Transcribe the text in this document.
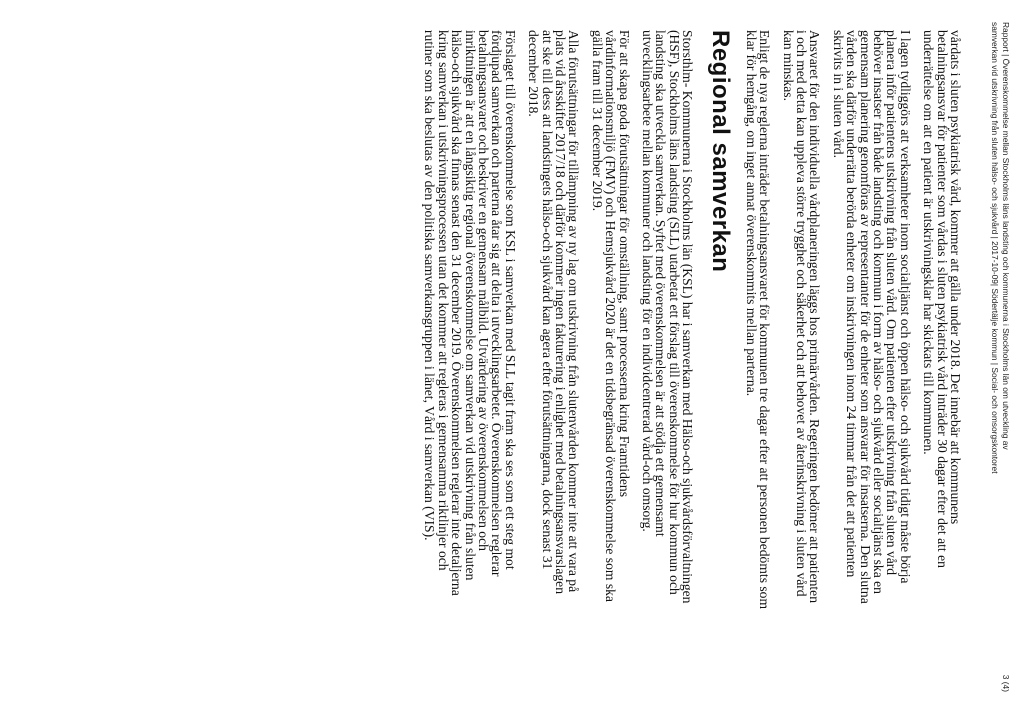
Rapport | Överenskommelse mellan Stockholms läns landsting och kommunerna i Stockholms län om utveckling av
samverkan vid utskrivning från sluten hälso- och sjukvård | 2017-10-09| Södertälje kommun | Social- och omsorgskontoret
3 (4)

vårdats i sluten psykiatrisk vård, kommer att gälla under 2018. Det innebär att kommunens betalningsansvar för patienter som vårdas i sluten psykiatrisk vård inträder 30 dagar efter det att en underrättelse om att en patient är utskrivningsklar har skickats till kommunen.

I lagen tydliggörs att verksamheter inom socialtjänst och öppen hälso- och sjukvård tidigt måste börja planera inför patientens utskrivning från sluten vård. Om patienten efter utskrivning från sluten vård behöver insatser från både landsting och kommun i form av hälso- och sjukvård eller socialtjänst ska en gemensam planering genomföras av representanter för de enheter som ansvarar för insatserna. Den slutna vården ska därför underrätta berörda enheter om inskrivningen inom 24 timmar från det att patienten skrivits in i sluten vård.

Ansvaret för den individuella vårdplaneringen läggs hos primärvården. Regeringen bedömer att patienten i och med detta kan uppleva större trygghet och säkerhet och att behovet av återinskrivning i sluten vård kan minskas.

Enligt de nya reglerna inträder betalningsansvaret för kommunen tre dagar efter att personen bedömts som klar för hemgång, om inget annat överenskommits mellan parterna.

Regional samverkan

Storsthlm- Kommunerna i Stockholms län (KSL) har i samverkan med Hälso-och sjukvårdsförvaltningen (HSF), Stockholms läns landsting (SLL) utarbetat ett förslag till överenskommelse för hur kommun och landsting ska utveckla samverkan. Syftet med överenskommelsen är att stödja ett gemensamt utvecklingsarbete mellan kommuner och landsting för en individcentrerad vård-och omsorg.

För att skapa goda förutsättningar för omställning, samt processerna kring Framtidens vårdinformationsmiljö (FMV) och Hemsjukvård 2020 är det en tidsbegränsad överenskommelse som ska gälla fram till 31 december 2019.

Alla förutsättningar för tillämpning av ny lag om utskrivning från slutenvården kommer inte att vara på plats vid årsskiftet 2017/18 och därför kommer ingen fakturering i enlighet med betalningsansvarslagen att ske till dess att landstingets hälso-och sjukvård kan agera efter förutsättningarna, dock senast 31 december 2018.

Förslaget till överenskommelse som KSL i samverkan med SLL tagit fram ska ses som ett steg mot fördjupad samverkan och parterna åtar sig att delta i utvecklingsarbetet. Överenskommelsen reglerar betalningsansvaret och beskriver en gemensam målbild. Utvärdering av överenskommelsen och inriktningen är att en långsiktig regional överenskommelse om samverkan vid utskrivning från sluten hälso-och sjukvård ska finnas senast den 31 december 2019. Överenskommelsen reglerar inte detaljerna kring samverkan i utskrivningsprocessen utan det kommer att regleras i gemensamma riktlinjer och rutiner som ska beslutas av den politiska samverkansgruppen i länet, Vård i samverkan (VIS).
